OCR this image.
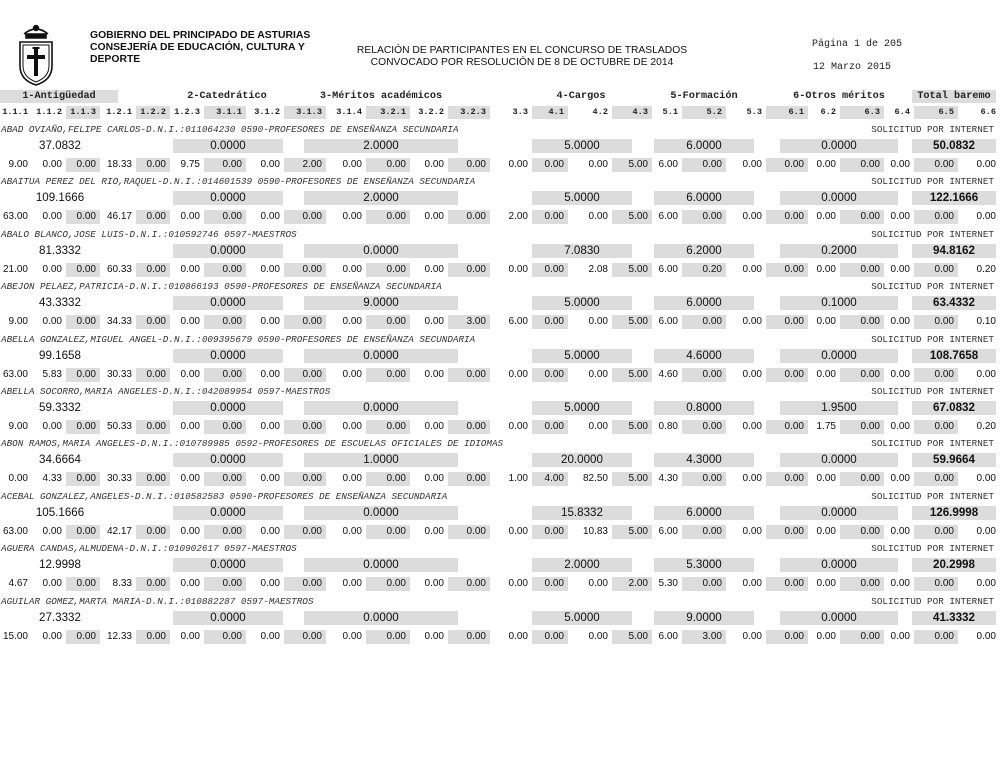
GOBIERNO DEL PRINCIPADO DE ASTURIAS
CONSEJERÍA DE EDUCACIÓN, CULTURA Y
DEPORTE
RELACIÓN DE PARTICIPANTES EN EL CONCURSO DE TRASLADOS
CONVOCADO POR RESOLUCIÓN DE 8 DE OCTUBRE DE 2014
Página 1 de 205
12 Marzo 2015
1-Antigüedad	2-Catedrático	3-Méritos académicos	4-Cargos	5-Formación	6-Otros méritos	Total baremo
1.1.1 1.1.2 1.1.3	1.2.1 1.2.2 1.2.3	3.1.1	3.1.2	3.1.3	3.1.4	3.2.1	3.2.2	3.2.3	3.3	4.1	4.2	4.3	5.1	5.2	5.3	6.1	6.2	6.3	6.4	6.5	6.6
ABAD OVIAÑO,FELIPE CARLOS-D.N.I.:011064230 0590-PROFESORES DE ENSEÑANZA SECUNDARIA	SOLICITUD POR INTERNET
37.0832	0.0000	2.0000	5.0000	6.0000	0.0000	50.0832
9.00	0.00	0.00	18.33	0.00	9.75	0.00	0.00	2.00	0.00	0.00	0.00	0.00	0.00	0.00	0.00	5.00	6.00	0.00	0.00	0.00	0.00	0.00	0.00	0.00	0.00
ABAITUA PEREZ DEL RIO,RAQUEL-D.N.I.:014601539 0590-PROFESORES DE ENSEÑANZA SECUNDARIA	SOLICITUD POR INTERNET
109.1666	0.0000	2.0000	5.0000	6.0000	0.0000	122.1666
63.00	0.00	0.00	46.17	0.00	0.00	0.00	0.00	0.00	0.00	0.00	0.00	0.00	2.00	0.00	0.00	5.00	6.00	0.00	0.00	0.00	0.00	0.00	0.00	0.00	0.00
ABALO BLANCO,JOSE LUIS-D.N.I.:010592746 0597-MAESTROS	SOLICITUD POR INTERNET
81.3332	0.0000	0.0000	7.0830	6.2000	0.2000	94.8162
21.00	0.00	0.00	60.33	0.00	0.00	0.00	0.00	0.00	0.00	0.00	0.00	0.00	0.00	0.00	2.08	5.00	6.00	0.20	0.00	0.00	0.00	0.00	0.00	0.00	0.20
ABEJON PELAEZ,PATRICIA-D.N.I.:010866193 0590-PROFESORES DE ENSEÑANZA SECUNDARIA	SOLICITUD POR INTERNET
43.3332	0.0000	9.0000	5.0000	6.0000	0.1000	63.4332
9.00	0.00	0.00	34.33	0.00	0.00	0.00	0.00	0.00	0.00	0.00	0.00	3.00	6.00	0.00	0.00	5.00	6.00	0.00	0.00	0.00	0.00	0.00	0.00	0.00	0.10
ABELLA GONZALEZ,MIGUEL ANGEL-D.N.I.:009395679 0590-PROFESORES DE ENSEÑANZA SECUNDARIA	SOLICITUD POR INTERNET
99.1658	0.0000	0.0000	5.0000	4.6000	0.0000	108.7658
63.00	5.83	0.00	30.33	0.00	0.00	0.00	0.00	0.00	0.00	0.00	0.00	0.00	0.00	0.00	0.00	5.00	4.60	0.00	0.00	0.00	0.00	0.00	0.00	0.00	0.00
ABELLA SOCORRO,MARIA ANGELES-D.N.I.:042089954 0597-MAESTROS	SOLICITUD POR INTERNET
59.3332	0.0000	0.0000	5.0000	0.8000	1.9500	67.0832
9.00	0.00	0.00	50.33	0.00	0.00	0.00	0.00	0.00	0.00	0.00	0.00	0.00	0.00	0.00	0.00	5.00	0.80	0.00	0.00	0.00	1.75	0.00	0.00	0.00	0.20
ABON RAMOS,MARIA ANGELES-D.N.I.:010789985 0592-PROFESORES DE ESCUELAS OFICIALES DE IDIOMAS	SOLICITUD POR INTERNET
34.6664	0.0000	1.0000	20.0000	4.3000	0.0000	59.9664
0.00	4.33	0.00	30.33	0.00	0.00	0.00	0.00	0.00	0.00	0.00	0.00	0.00	1.00	4.00	82.50	5.00	4.30	0.00	0.00	0.00	0.00	0.00	0.00	0.00	0.00
ACEBAL GONZALEZ,ANGELES-D.N.I.:010582583 0590-PROFESORES DE ENSEÑANZA SECUNDARIA	SOLICITUD POR INTERNET
105.1666	0.0000	0.0000	15.8332	6.0000	0.0000	126.9998
63.00	0.00	0.00	42.17	0.00	0.00	0.00	0.00	0.00	0.00	0.00	0.00	0.00	0.00	0.00	10.83	5.00	6.00	0.00	0.00	0.00	0.00	0.00	0.00	0.00	0.00
AGUERA CANDAS,ALMUDENA-D.N.I.:010902617 0597-MAESTROS	SOLICITUD POR INTERNET
12.9998	0.0000	0.0000	2.0000	5.3000	0.0000	20.2998
4.67	0.00	0.00	8.33	0.00	0.00	0.00	0.00	0.00	0.00	0.00	0.00	0.00	0.00	0.00	0.00	2.00	5.30	0.00	0.00	0.00	0.00	0.00	0.00	0.00	0.00
AGUILAR GOMEZ,MARTA MARIA-D.N.I.:010882287 0597-MAESTROS	SOLICITUD POR INTERNET
27.3332	0.0000	0.0000	5.0000	9.0000	0.0000	41.3332
15.00	0.00	0.00	12.33	0.00	0.00	0.00	0.00	0.00	0.00	0.00	0.00	0.00	0.00	0.00	0.00	5.00	6.00	3.00	0.00	0.00	0.00	0.00	0.00	0.00	0.00
